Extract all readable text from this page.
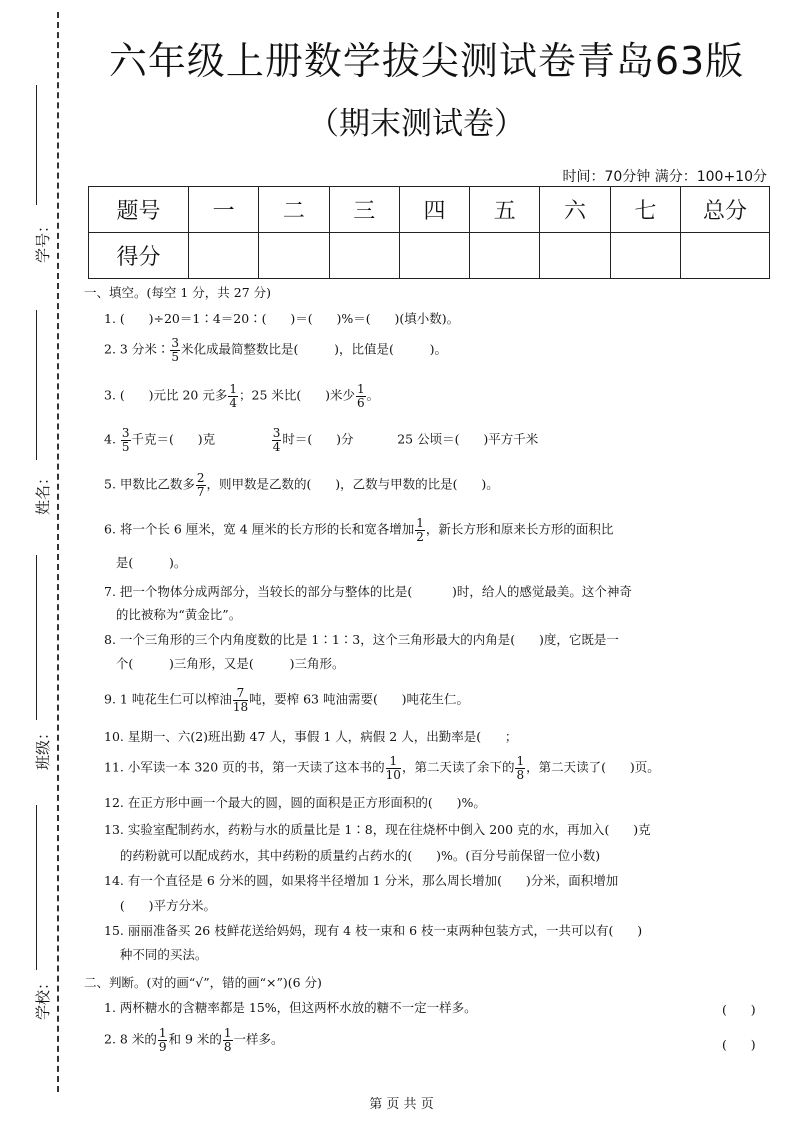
学号：
姓名：
班级：
学校：
六年级上册数学拔尖测试卷青岛63版
（期末测试卷）
时间：70分钟 满分：100+10分
题号	一	二	三	四	五	六	七	总分
得分								
一、填空。(每空 1 分，共 27 分)
1. (      )÷20＝1∶4＝20∶(      )＝(      )%＝(      )(填小数)。
2. 3 分米∶ $\frac{3}{5}$ 米化成最简整数比是(         )，比值是(         )。
3. (      )元比 20 元多 $\frac{1}{4}$ ；25 米比(      )米少 $\frac{1}{6}$ 。
4. $\frac{3}{5}$ 千克＝(      )克 $\frac{3}{4}$ 时＝(      )分           25 公顷＝(      )平方千米
5. 甲数比乙数多 $\frac{2}{7}$ ，则甲数是乙数的(      )，乙数与甲数的比是(      )。
6. 将一个长 6 厘米，宽 4 厘米的长方形的长和宽各增加 $\frac{1}{2}$ ，新长方形和原来长方形的面积比
是(         )。
7. 把一个物体分成两部分，当较长的部分与整体的比是(          )时，给人的感觉最美。这个神奇
的比被称为“黄金比”。
8. 一个三角形的三个内角度数的比是 1∶1∶3，这个三角形最大的内角是(      )度，它既是一
个(         )三角形，又是(         )三角形。
9. 1 吨花生仁可以榨油 $\frac{7}{18}$ 吨，要榨 63 吨油需要(      )吨花生仁。
10. 星期一、六(2)班出勤 47 人，事假 1 人，病假 2 人，出勤率是(      ；
11. 小军读一本 320 页的书，第一天读了这本书的 $\frac{1}{10}$ ，第二天读了余下的 $\frac{1}{8}$ ，第二天读了(      )页。
12. 在正方形中画一个最大的圆，圆的面积是正方形面积的(      )%。
13. 实验室配制药水，药粉与水的质量比是 1∶8，现在往烧杯中倒入 200 克的水，再加入(      )克
的药粉就可以配成药水，其中药粉的质量约占药水的(      )%。(百分号前保留一位小数)
14. 有一个直径是 6 分米的圆，如果将半径增加 1 分米，那么周长增加(      )分米，面积增加
(      )平方分米。
15. 丽丽准备买 26 枝鲜花送给妈妈，现有 4 枝一束和 6 枝一束两种包装方式，一共可以有(      )
种不同的买法。
二、判断。(对的画“√”，错的画“×”)(6 分)
1. 两杯糖水的含糖率都是 15%，但这两杯水放的糖不一定一样多。
2. 8 米的 $\frac{1}{9}$ 和 9 米的 $\frac{1}{8}$ 一样多。
(      )
(      )
第 页 共 页
